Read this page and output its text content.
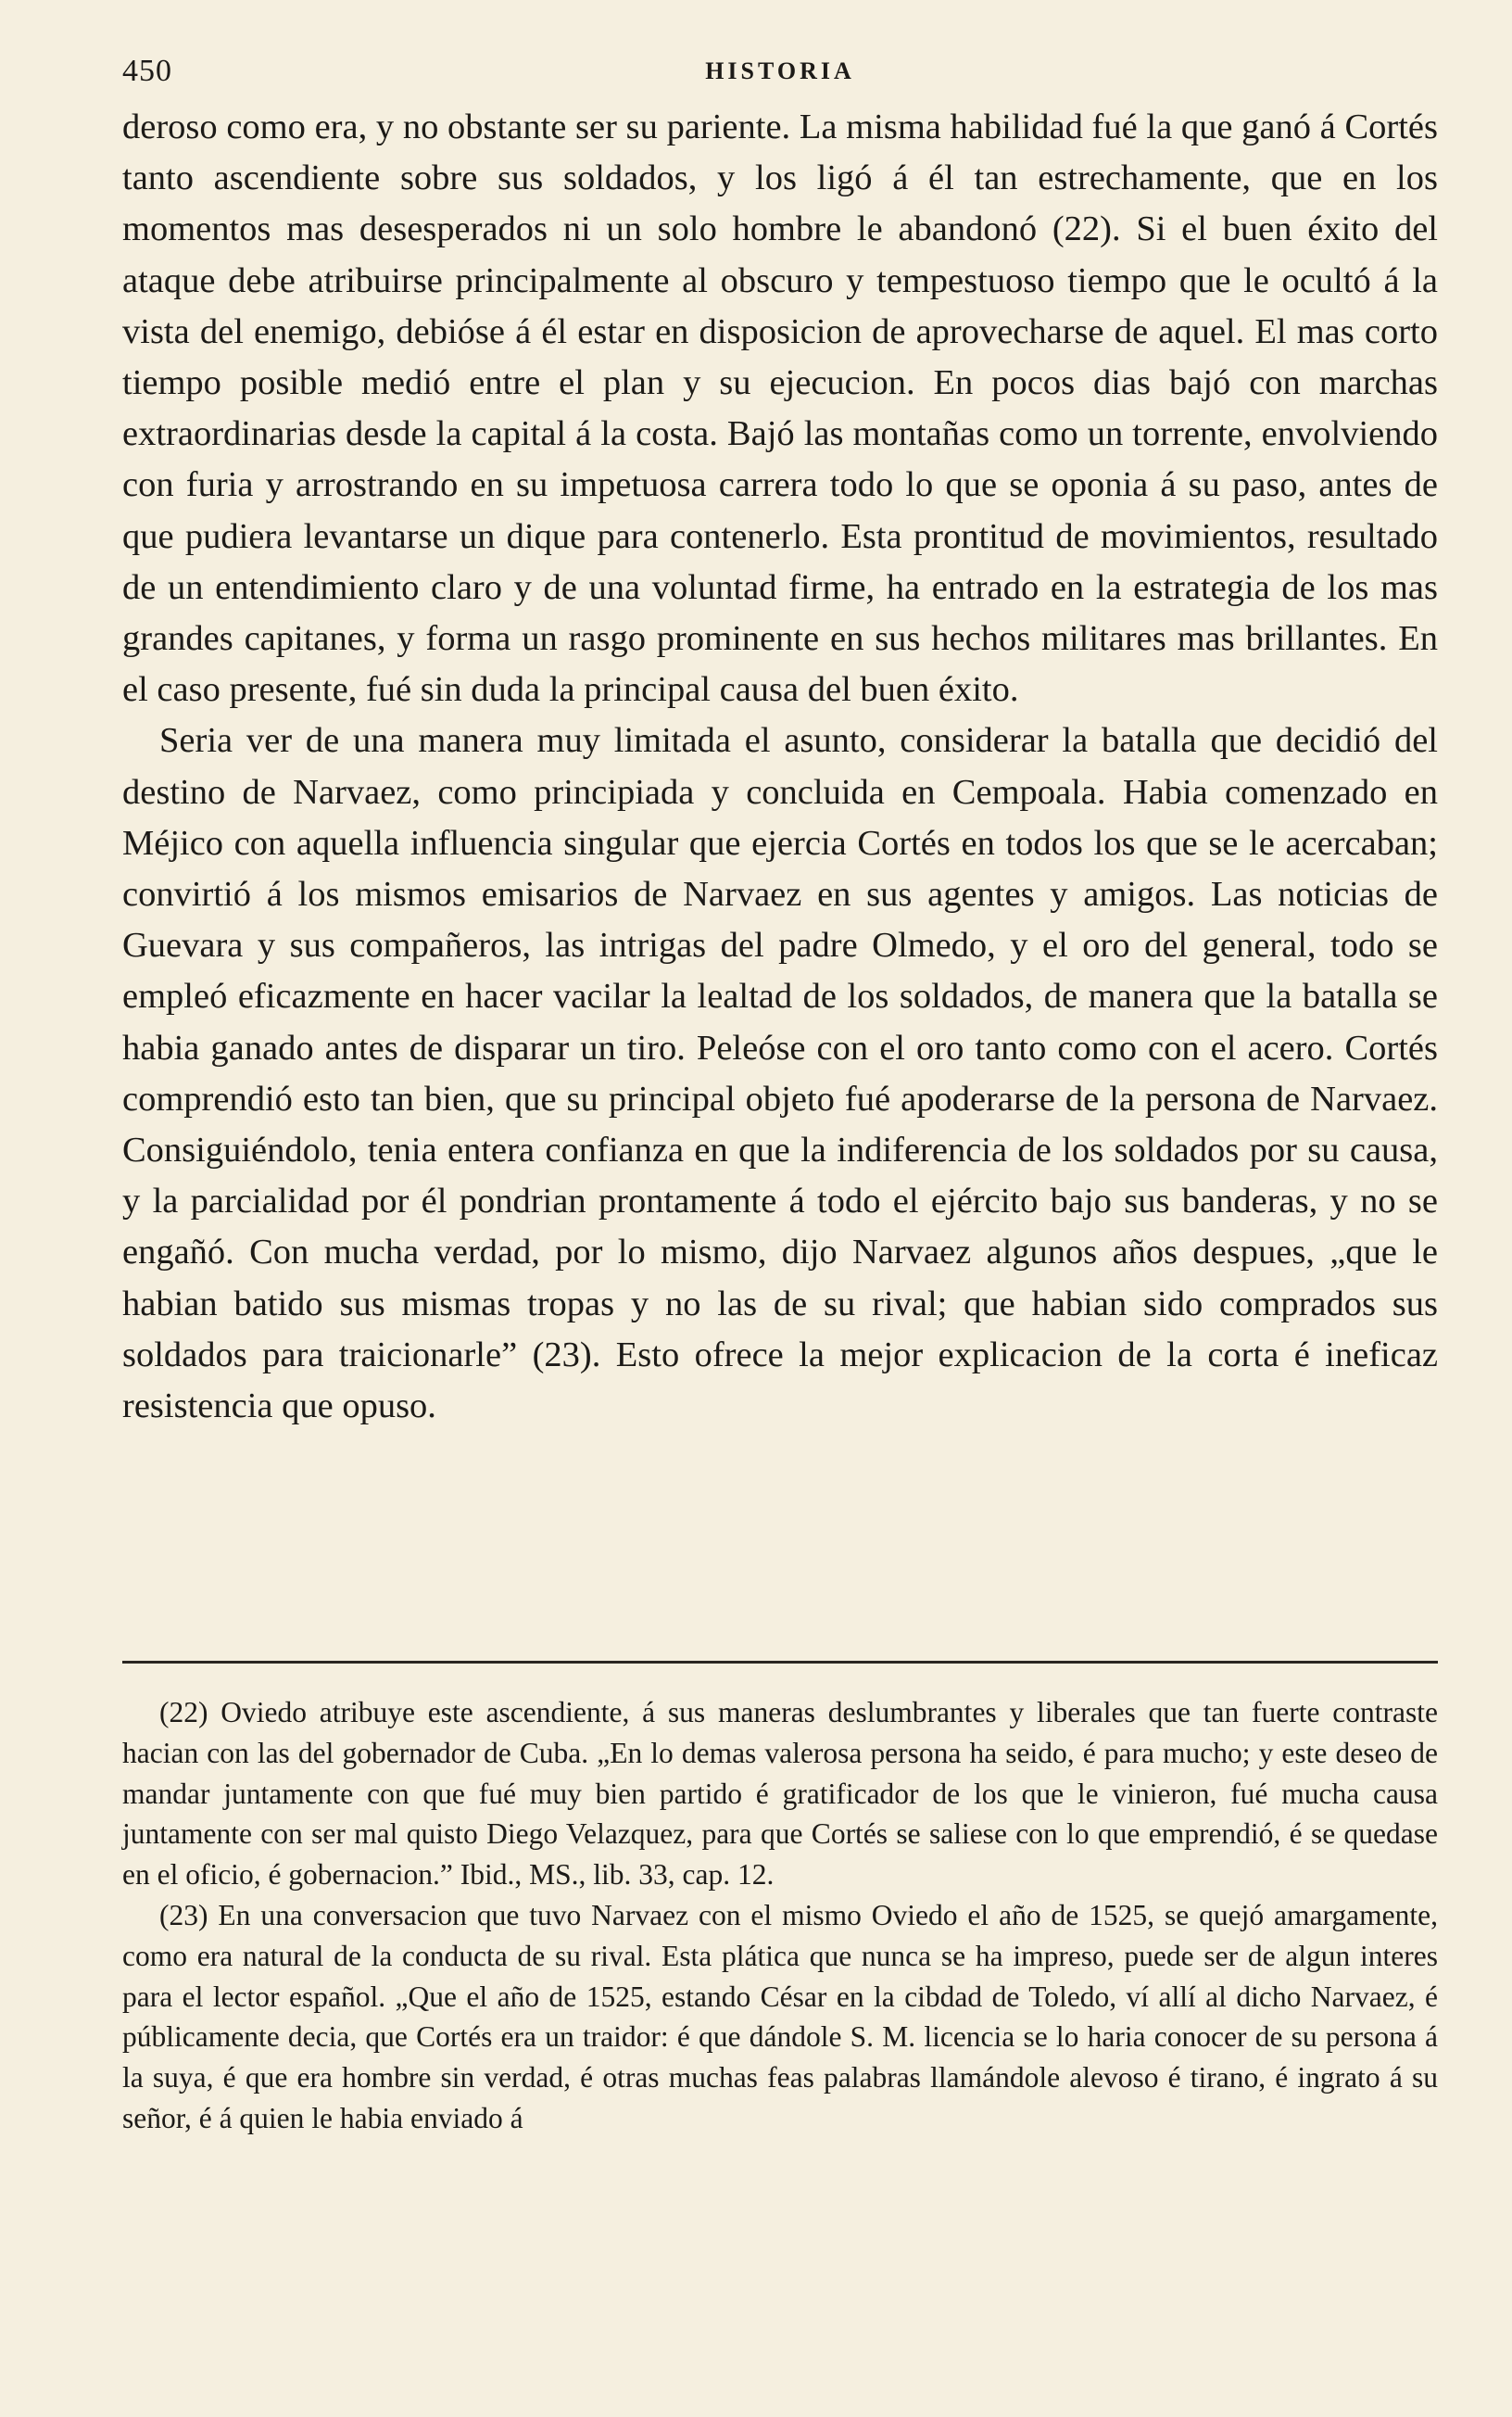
450	HISTORIA

deroso como era, y no obstante ser su pariente. La misma habilidad fué la que ganó á Cortés tanto ascendiente sobre sus soldados, y los ligó á él tan estrechamente, que en los momentos mas desesperados ni un solo hombre le abandonó (22). Si el buen éxito del ataque debe atribuirse principalmente al obscuro y tempestuoso tiempo que le ocultó á la vista del enemigo, debióse á él estar en disposicion de aprovecharse de aquel. El mas corto tiempo posible medió entre el plan y su ejecucion. En pocos dias bajó con marchas extraordinarias desde la capital á la costa. Bajó las montañas como un torrente, envolviendo con furia y arrostrando en su impetuosa carrera todo lo que se oponia á su paso, antes de que pudiera levantarse un dique para contenerlo. Esta prontitud de movimientos, resultado de un entendimiento claro y de una voluntad firme, ha entrado en la estrategia de los mas grandes capitanes, y forma un rasgo prominente en sus hechos militares mas brillantes. En el caso presente, fué sin duda la principal causa del buen éxito.

Seria ver de una manera muy limitada el asunto, considerar la batalla que decidió del destino de Narvaez, como principiada y concluida en Cempoala. Habia comenzado en Méjico con aquella influencia singular que ejercia Cortés en todos los que se le acercaban; convirtió á los mismos emisarios de Narvaez en sus agentes y amigos. Las noticias de Guevara y sus compañeros, las intrigas del padre Olmedo, y el oro del general, todo se empleó eficazmente en hacer vacilar la lealtad de los soldados, de manera que la batalla se habia ganado antes de disparar un tiro. Peleóse con el oro tanto como con el acero. Cortés comprendió esto tan bien, que su principal objeto fué apoderarse de la persona de Narvaez. Consiguiéndolo, tenia entera confianza en que la indiferencia de los soldados por su causa, y la parcialidad por él pondrian prontamente á todo el ejército bajo sus banderas, y no se engañó. Con mucha verdad, por lo mismo, dijo Narvaez algunos años despues, „que le habian batido sus mismas tropas y no las de su rival; que habian sido comprados sus soldados para traicionarle” (23). Esto ofrece la mejor explicacion de la corta é ineficaz resistencia que opuso.

(22) Oviedo atribuye este ascendiente, á sus maneras deslumbrantes y liberales que tan fuerte contraste hacian con las del gobernador de Cuba. „En lo demas valerosa persona ha seido, é para mucho; y este deseo de mandar juntamente con que fué muy bien partido é gratificador de los que le vinieron, fué mucha causa juntamente con ser mal quisto Diego Velazquez, para que Cortés se saliese con lo que emprendió, é se quedase en el oficio, é gobernacion.” Ibid., MS., lib. 33, cap. 12.

(23) En una conversacion que tuvo Narvaez con el mismo Oviedo el año de 1525, se quejó amargamente, como era natural de la conducta de su rival. Esta plática que nunca se ha impreso, puede ser de algun interes para el lector español. „Que el año de 1525, estando César en la cibdad de Toledo, ví allí al dicho Narvaez, é públicamente decia, que Cortés era un traidor: é que dándole S. M. licencia se lo haria conocer de su persona á la suya, é que era hombre sin verdad, é otras muchas feas palabras llamándole alevoso é tirano, é ingrato á su señor, é á quien le habia enviado á
